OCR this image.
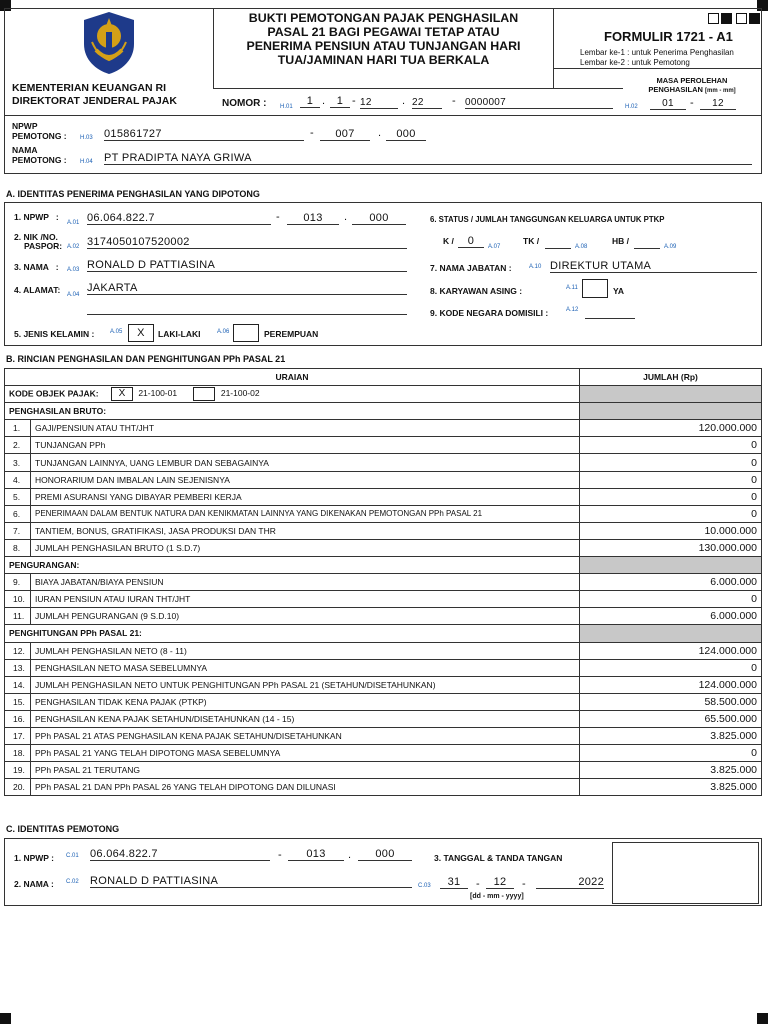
KEMENTERIAN KEUANGAN RI
DIREKTORAT JENDERAL PAJAK
BUKTI PEMOTONGAN PAJAK PENGHASILAN
PASAL 21 BAGI PEGAWAI TETAP ATAU
PENERIMA PENSIUN ATAU TUNJANGAN HARI
TUA/JAMINAN HARI TUA BERKALA
NOMOR : H.01	1 .	1 - 12	. 22	- 0000007
FORMULIR 1721 - A1
Lembar ke-1 : untuk Penerima Penghasilan
Lembar ke-2 : untuk Pemotong
MASA PEROLEHAN
PENGHASILAN [mm - mm]
H.02	01	-	12
NPWP
PEMOTONG : H.03 015861727	-	007	.	000
NAMA
PEMOTONG : H.04 PT PRADIPTA NAYA GRIWA
A. IDENTITAS PENERIMA PENGHASILAN YANG DIPOTONG
1. NPWP   :
A.01 06.064.822.7	-	013	.	000
2. NIK /NO.
PASPOR: A.02 3174050107520002
3. NAMA   : A.03 RONALD D PATTIASINA
4. ALAMAT: A.04
JAKARTA
5. JENIS KELAMIN :	A.05	X	LAKI-LAKI	A.06	PEREMPUAN
6. STATUS / JUMLAH TANGGUNGAN KELUARGA UNTUK PTKP
K /	0	A.07
TK /
A.08
HB /
A.09
7. NAMA JABATAN :	A.10 DIREKTUR UTAMA
8. KARYAWAN ASING :	A.11	YA
9. KODE NEGARA DOMISILI :	A.12
B. RINCIAN PENGHASILAN DAN PENGHITUNGAN PPh PASAL 21
URAIAN		JUMLAH (Rp)
KODE OBJEK PAJAK: X 21-100-01 21-100-02		
PENGHASILAN BRUTO:		
1.	GAJI/PENSIUN ATAU THT/JHT	120.000.000
2.	TUNJANGAN PPh	0
3.	TUNJANGAN LAINNYA, UANG LEMBUR DAN SEBAGAINYA	0
4.	HONORARIUM DAN IMBALAN LAIN SEJENISNYA	0
5.	PREMI ASURANSI YANG DIBAYAR PEMBERI KERJA	0
6.	PENERIMAAN DALAM BENTUK NATURA DAN KENIKMATAN LAINNYA YANG DIKENAKAN PEMOTONGAN PPh PASAL 21	0
7.	TANTIEM, BONUS, GRATIFIKASI, JASA PRODUKSI DAN THR	10.000.000
8.	JUMLAH PENGHASILAN BRUTO (1 S.D.7)	130.000.000
PENGURANGAN:		
9.	BIAYA JABATAN/BIAYA PENSIUN	6.000.000
10.	IURAN PENSIUN ATAU IURAN THT/JHT	0
11.	JUMLAH PENGURANGAN (9 S.D.10)	6.000.000
PENGHITUNGAN PPh PASAL 21:		
12.	JUMLAH PENGHASILAN NETO (8 - 11)	124.000.000
13.	PENGHASILAN NETO MASA SEBELUMNYA	0
14.	JUMLAH PENGHASILAN NETO UNTUK PENGHITUNGAN PPh PASAL 21 (SETAHUN/DISETAHUNKAN)	124.000.000
15.	PENGHASILAN TIDAK KENA PAJAK (PTKP)	58.500.000
16.	PENGHASILAN KENA PAJAK SETAHUN/DISETAHUNKAN (14 - 15)	65.500.000
17.	PPh PASAL 21 ATAS PENGHASILAN KENA PAJAK SETAHUN/DISETAHUNKAN	3.825.000
18.	PPh PASAL 21 YANG TELAH DIPOTONG MASA SEBELUMNYA	0
19.	PPh PASAL 21 TERUTANG	3.825.000
20.	PPh PASAL 21 DAN PPh PASAL 26 YANG TELAH DIPOTONG DAN DILUNASI	3.825.000
C. IDENTITAS PEMOTONG
1. NPWP : C.01 06.064.822.7	-	013	.	000	3. TANGGAL & TANDA TANGAN
2. NAMA : C.02 RONALD D PATTIASINA	C.03	31	-	12	-	2022
[dd - mm - yyyy]
